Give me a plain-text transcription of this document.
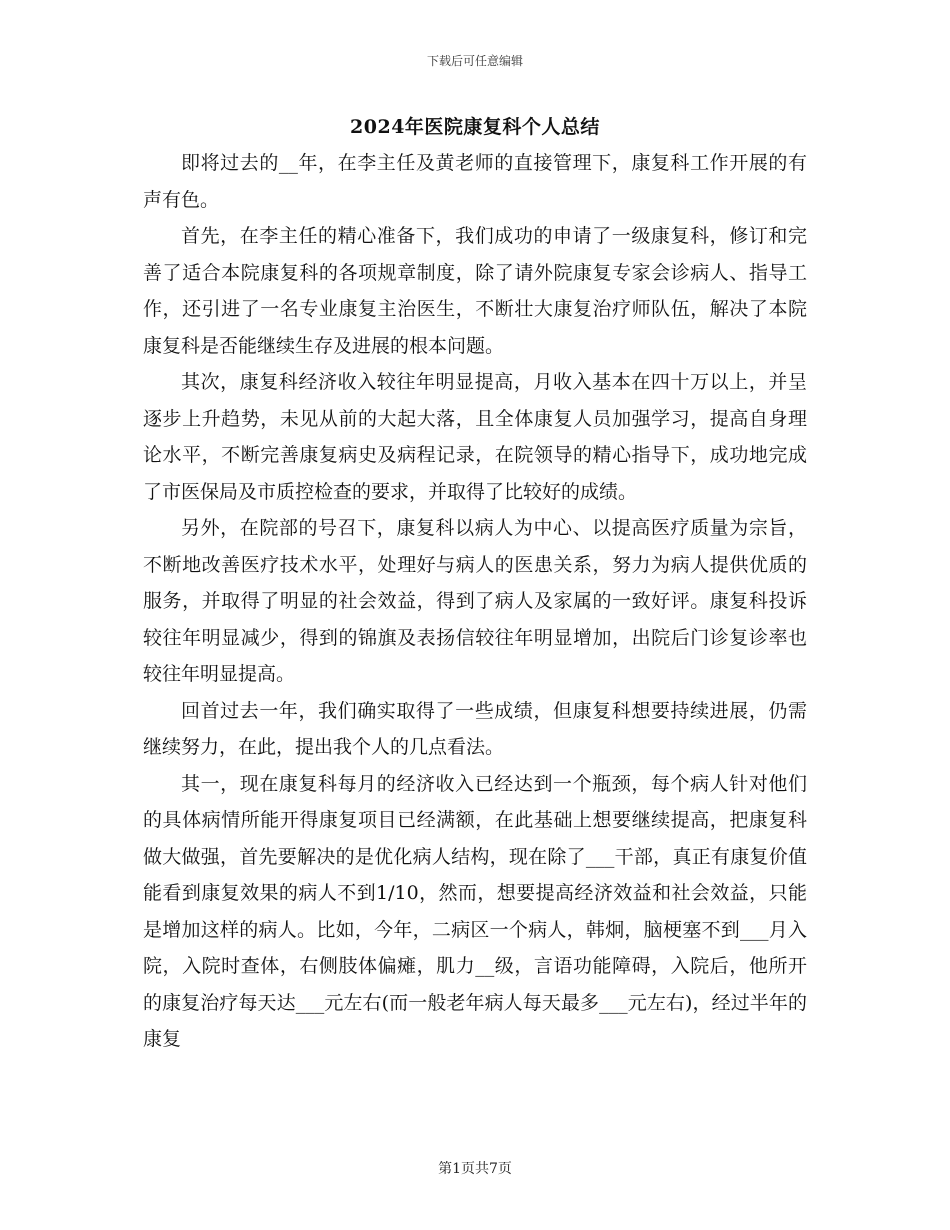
下载后可任意编辑
2024年医院康复科个人总结

即将过去的__年，在李主任及黄老师的直接管理下，康复科工作开展的有声有色。

首先，在李主任的精心准备下，我们成功的申请了一级康复科，修订和完善了适合本院康复科的各项规章制度，除了请外院康复专家会诊病人、指导工作，还引进了一名专业康复主治医生，不断壮大康复治疗师队伍，解决了本院康复科是否能继续生存及进展的根本问题。

其次，康复科经济收入较往年明显提高，月收入基本在四十万以上，并呈逐步上升趋势，未见从前的大起大落，且全体康复人员加强学习，提高自身理论水平，不断完善康复病史及病程记录，在院领导的精心指导下，成功地完成了市医保局及市质控检查的要求，并取得了比较好的成绩。

另外，在院部的号召下，康复科以病人为中心、以提高医疗质量为宗旨，不断地改善医疗技术水平，处理好与病人的医患关系，努力为病人提供优质的服务，并取得了明显的社会效益，得到了病人及家属的一致好评。康复科投诉较往年明显减少，得到的锦旗及表扬信较往年明显增加，出院后门诊复诊率也较往年明显提高。

回首过去一年，我们确实取得了一些成绩，但康复科想要持续进展，仍需继续努力，在此，提出我个人的几点看法。

其一，现在康复科每月的经济收入已经达到一个瓶颈，每个病人针对他们的具体病情所能开得康复项目已经满额，在此基础上想要继续提高，把康复科做大做强，首先要解决的是优化病人结构，现在除了___干部，真正有康复价值能看到康复效果的病人不到1/10，然而，想要提高经济效益和社会效益，只能是增加这样的病人。比如，今年，二病区一个病人，韩炯，脑梗塞不到___月入院，入院时查体，右侧肢体偏瘫，肌力__级，言语功能障碍，入院后，他所开的康复治疗每天达___元左右(而一般老年病人每天最多___元左右)，经过半年的康复

第1页共7页
